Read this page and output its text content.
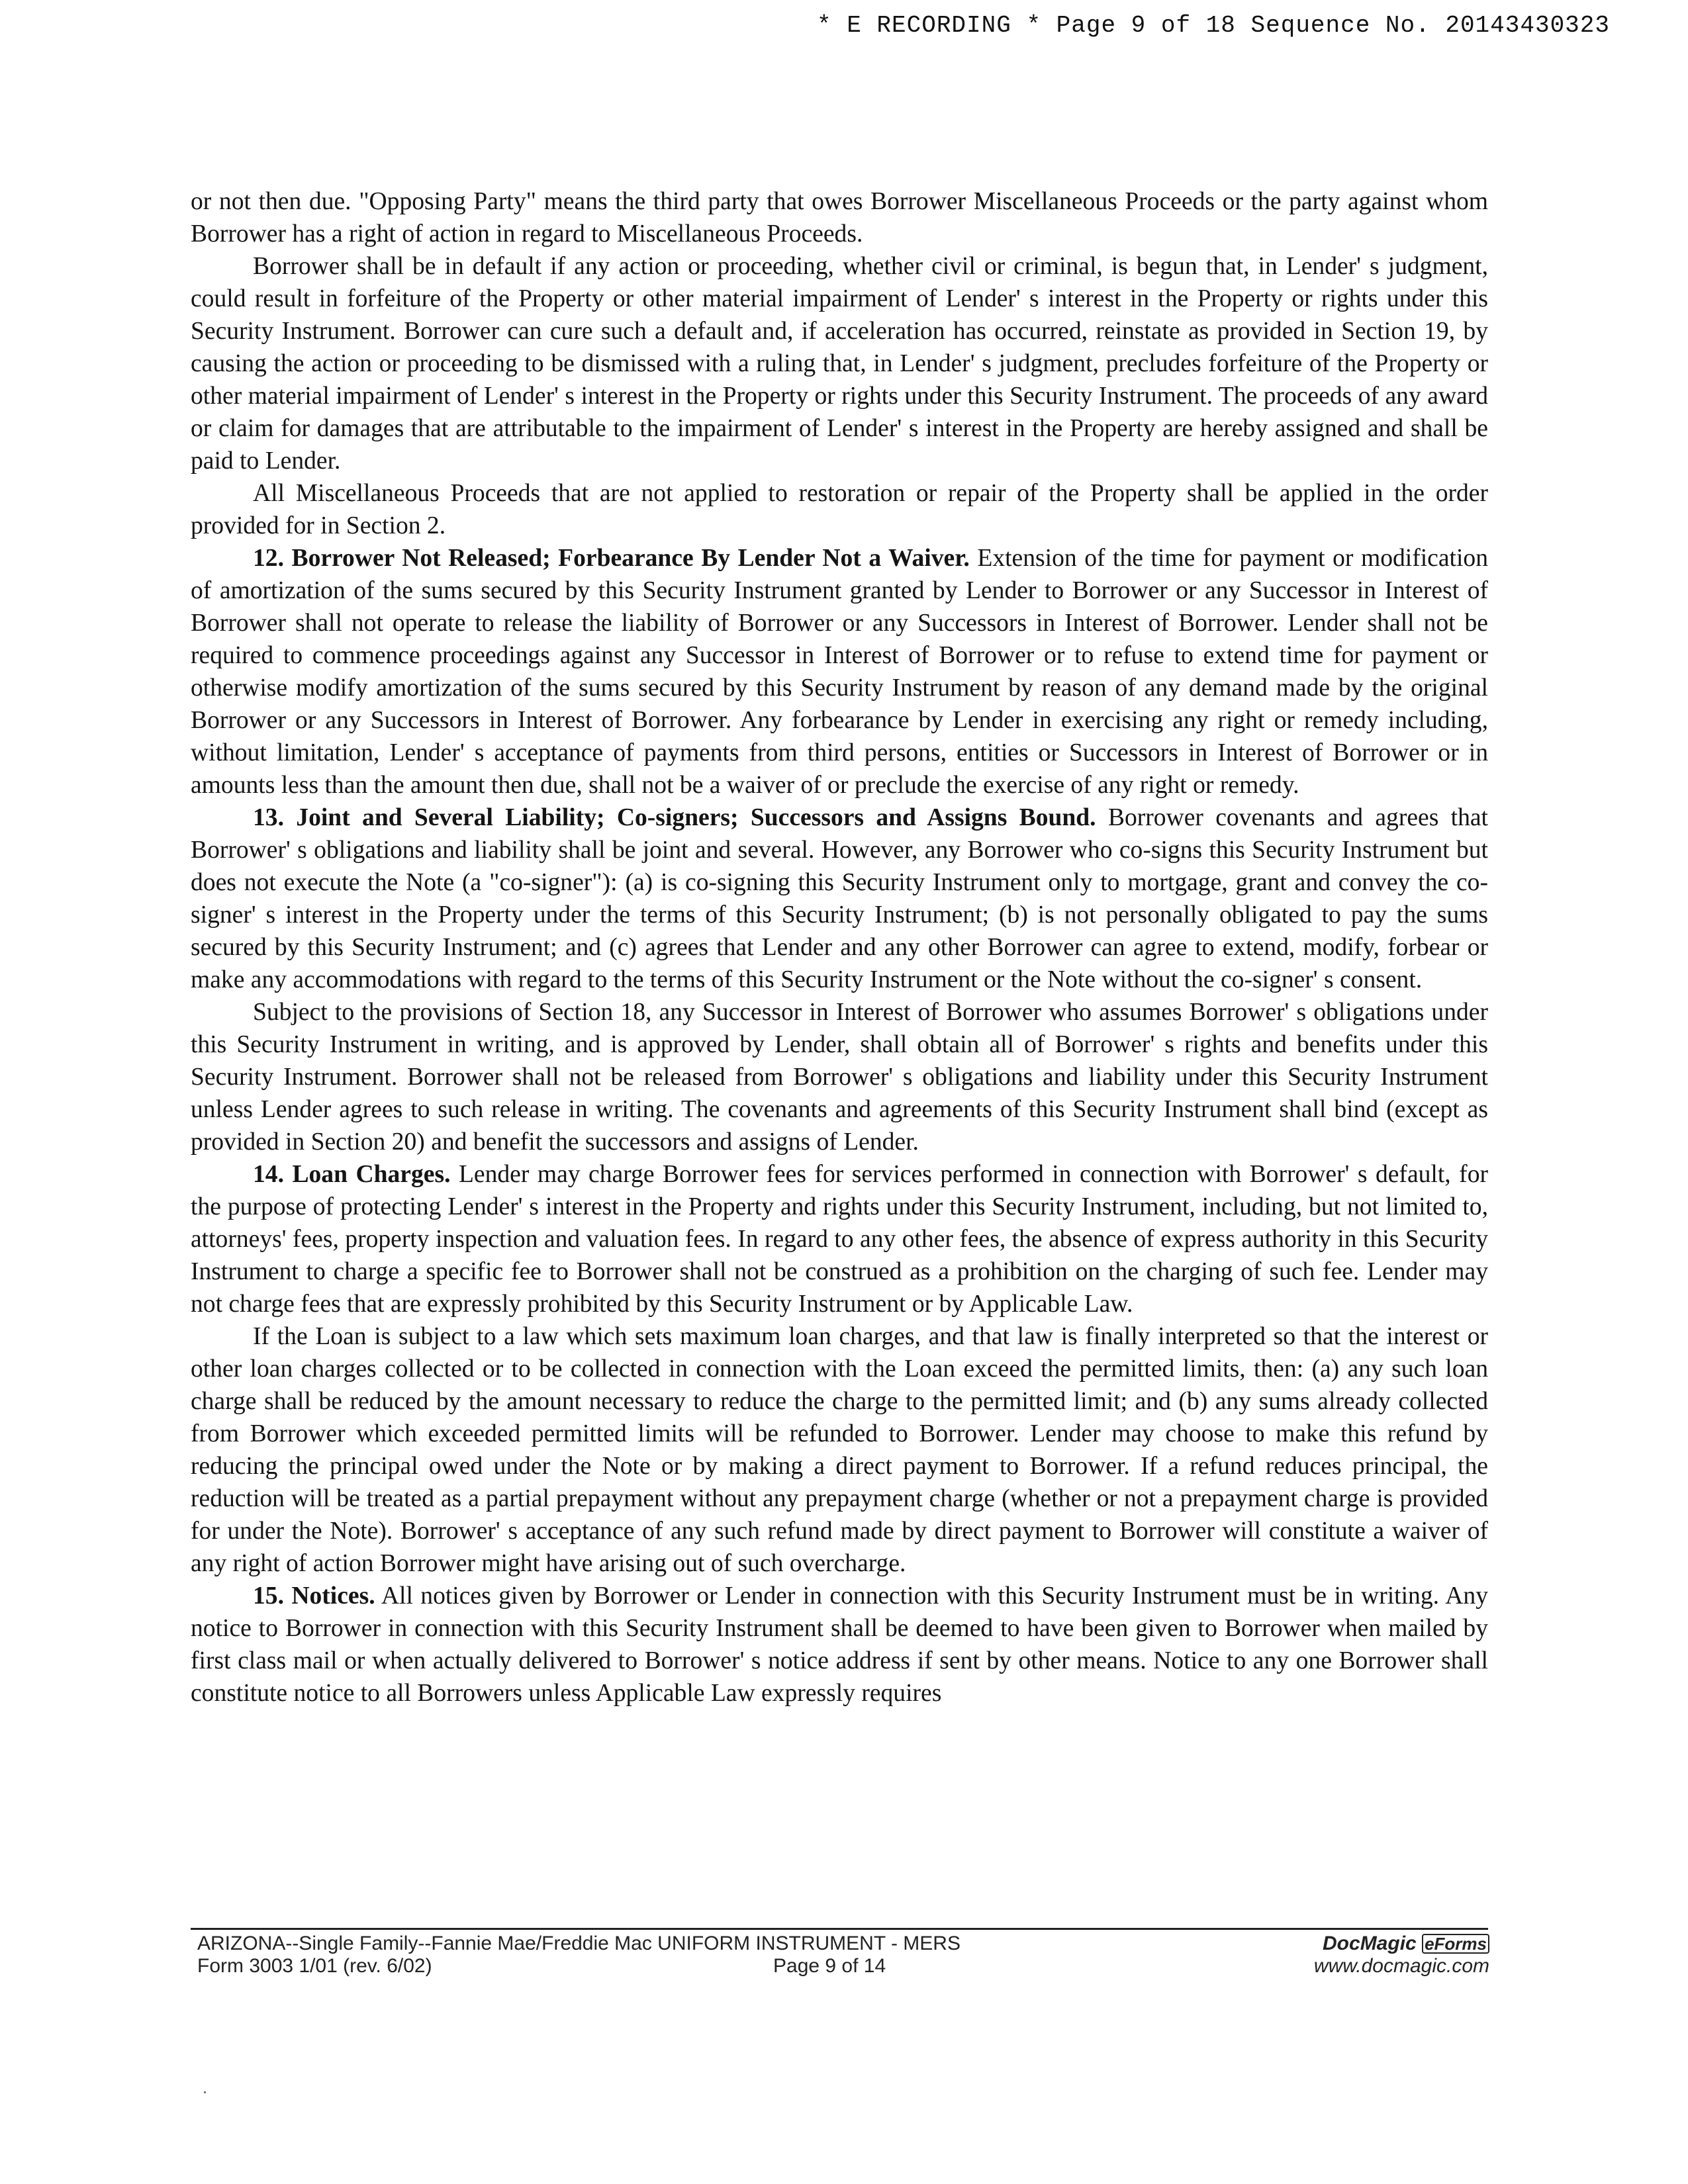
* E RECORDING * Page 9 of 18 Sequence No. 20143430323

or not then due. "Opposing Party" means the third party that owes Borrower Miscellaneous Proceeds or the party against whom Borrower has a right of action in regard to Miscellaneous Proceeds.

Borrower shall be in default if any action or proceeding, whether civil or criminal, is begun that, in Lender' s judgment, could result in forfeiture of the Property or other material impairment of Lender' s interest in the Property or rights under this Security Instrument. Borrower can cure such a default and, if acceleration has occurred, reinstate as provided in Section 19, by causing the action or proceeding to be dismissed with a ruling that, in Lender' s judgment, precludes forfeiture of the Property or other material impairment of Lender' s interest in the Property or rights under this Security Instrument. The proceeds of any award or claim for damages that are attributable to the impairment of Lender' s interest in the Property are hereby assigned and shall be paid to Lender.

All Miscellaneous Proceeds that are not applied to restoration or repair of the Property shall be applied in the order provided for in Section 2.

12. Borrower Not Released; Forbearance By Lender Not a Waiver. Extension of the time for payment or modification of amortization of the sums secured by this Security Instrument granted by Lender to Borrower or any Successor in Interest of Borrower shall not operate to release the liability of Borrower or any Successors in Interest of Borrower. Lender shall not be required to commence proceedings against any Successor in Interest of Borrower or to refuse to extend time for payment or otherwise modify amortization of the sums secured by this Security Instrument by reason of any demand made by the original Borrower or any Successors in Interest of Borrower. Any forbearance by Lender in exercising any right or remedy including, without limitation, Lender' s acceptance of payments from third persons, entities or Successors in Interest of Borrower or in amounts less than the amount then due, shall not be a waiver of or preclude the exercise of any right or remedy.

13. Joint and Several Liability; Co-signers; Successors and Assigns Bound. Borrower covenants and agrees that Borrower' s obligations and liability shall be joint and several. However, any Borrower who co-signs this Security Instrument but does not execute the Note (a "co-signer"): (a) is co-signing this Security Instrument only to mortgage, grant and convey the co-signer' s interest in the Property under the terms of this Security Instrument; (b) is not personally obligated to pay the sums secured by this Security Instrument; and (c) agrees that Lender and any other Borrower can agree to extend, modify, forbear or make any accommodations with regard to the terms of this Security Instrument or the Note without the co-signer' s consent.

Subject to the provisions of Section 18, any Successor in Interest of Borrower who assumes Borrower' s obligations under this Security Instrument in writing, and is approved by Lender, shall obtain all of Borrower' s rights and benefits under this Security Instrument. Borrower shall not be released from Borrower' s obligations and liability under this Security Instrument unless Lender agrees to such release in writing. The covenants and agreements of this Security Instrument shall bind (except as provided in Section 20) and benefit the successors and assigns of Lender.

14. Loan Charges. Lender may charge Borrower fees for services performed in connection with Borrower' s default, for the purpose of protecting Lender' s interest in the Property and rights under this Security Instrument, including, but not limited to, attorneys' fees, property inspection and valuation fees. In regard to any other fees, the absence of express authority in this Security Instrument to charge a specific fee to Borrower shall not be construed as a prohibition on the charging of such fee. Lender may not charge fees that are expressly prohibited by this Security Instrument or by Applicable Law.

If the Loan is subject to a law which sets maximum loan charges, and that law is finally interpreted so that the interest or other loan charges collected or to be collected in connection with the Loan exceed the permitted limits, then: (a) any such loan charge shall be reduced by the amount necessary to reduce the charge to the permitted limit; and (b) any sums already collected from Borrower which exceeded permitted limits will be refunded to Borrower. Lender may choose to make this refund by reducing the principal owed under the Note or by making a direct payment to Borrower. If a refund reduces principal, the reduction will be treated as a partial prepayment without any prepayment charge (whether or not a prepayment charge is provided for under the Note). Borrower' s acceptance of any such refund made by direct payment to Borrower will constitute a waiver of any right of action Borrower might have arising out of such overcharge.

15. Notices. All notices given by Borrower or Lender in connection with this Security Instrument must be in writing. Any notice to Borrower in connection with this Security Instrument shall be deemed to have been given to Borrower when mailed by first class mail or when actually delivered to Borrower' s notice address if sent by other means. Notice to any one Borrower shall constitute notice to all Borrowers unless Applicable Law expressly requires

ARIZONA--Single Family--Fannie Mae/Freddie Mac UNIFORM INSTRUMENT - MERS
Form 3003 1/01 (rev. 6/02)	Page 9 of 14
DocMagic eForms
www.docmagic.com
